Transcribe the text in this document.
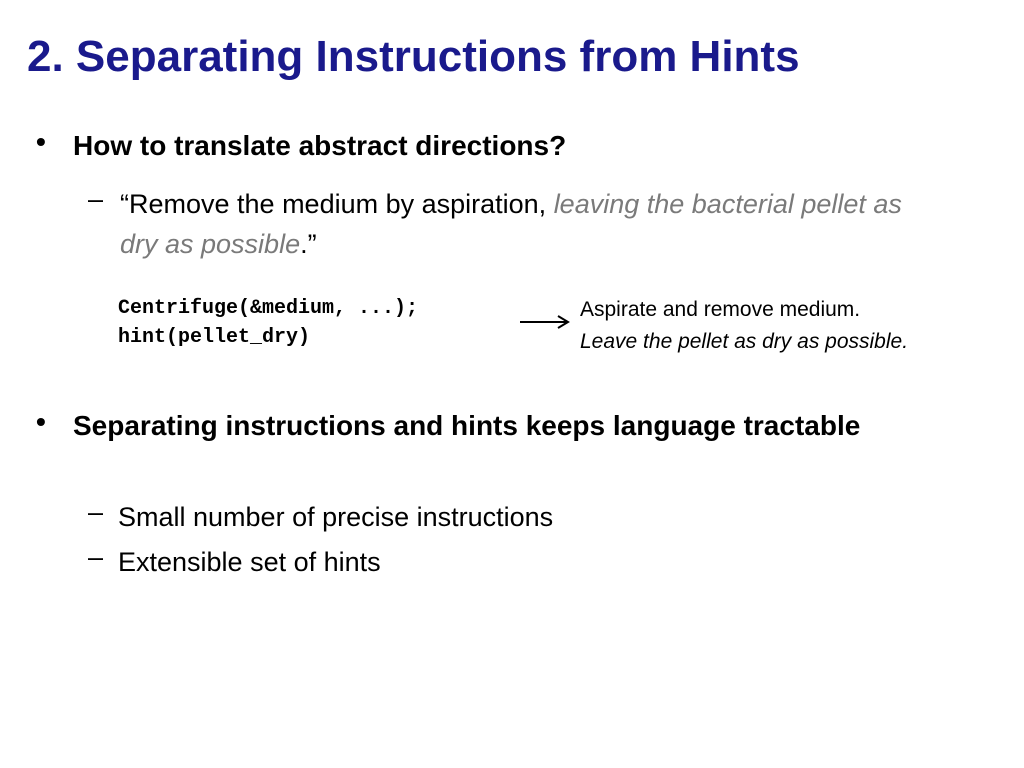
2. Separating Instructions from Hints
• How to translate abstract directions?
– “Remove the medium by aspiration, leaving the bacterial pellet as dry as possible.”
Centrifuge(&medium, ...);
hint(pellet_dry)
Aspirate and remove medium.
Leave the pellet as dry as possible.
• Separating instructions and hints keeps language tractable
– Small number of precise instructions
– Extensible set of hints
